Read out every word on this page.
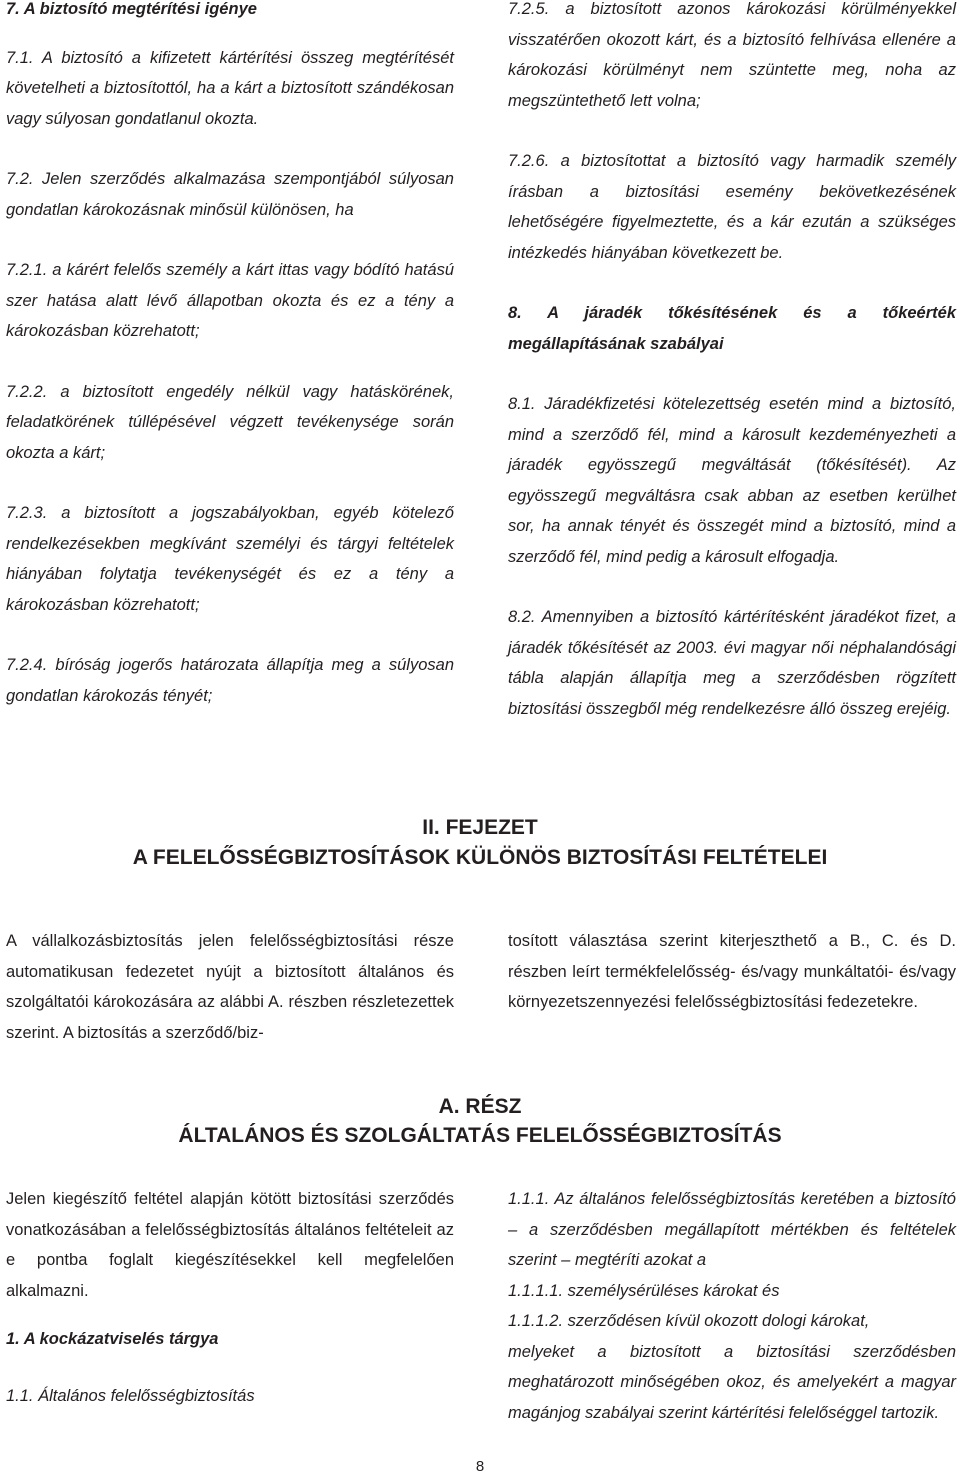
7. A biztosító megtérítési igénye

7.1. A biztosító a kifizetett kártérítési összeg megtérítését követelheti a biztosítottól, ha a kárt a biztosított szándékosan vagy súlyosan gondatlanul okozta.

7.2. Jelen szerződés alkalmazása szempontjából súlyosan gondatlan károkozásnak minősül különösen, ha

7.2.1. a kárért felelős személy a kárt ittas vagy bódító hatású szer hatása alatt lévő állapotban okozta és ez a tény a károkozásban közrehatott;

7.2.2. a biztosított engedély nélkül vagy hatáskörének, feladatkörének túllépésével végzett tevékenysége során okozta a kárt;

7.2.3. a biztosított a jogszabályokban, egyéb kötelező rendelkezésekben megkívánt személyi és tárgyi feltételek hiányában folytatja tevékenységét és ez a tény a károkozásban közrehatott;

7.2.4. bíróság jogerős határozata állapítja meg a súlyosan gondatlan károkozás tényét;

7.2.5. a biztosított azonos károkozási körülményekkel visszatérően okozott kárt, és a biztosító felhívása ellenére a károkozási körülményt nem szüntette meg, noha az megszüntethető lett volna;

7.2.6. a biztosítottat a biztosító vagy harmadik személy írásban a biztosítási esemény bekövetkezésének lehetőségére figyelmeztette, és a kár ezután a szükséges intézkedés hiányában következett be.

8. A járadék tőkésítésének és a tőkeérték megállapításának szabályai

8.1. Járadékfizetési kötelezettség esetén mind a biztosító, mind a szerződő fél, mind a károsult kezdeményezheti a járadék egyösszegű megváltását (tőkésítését). Az egyösszegű megváltásra csak abban az esetben kerülhet sor, ha annak tényét és összegét mind a biztosító, mind a szerződő fél, mind pedig a károsult elfogadja.

8.2. Amennyiben a biztosító kártérítésként járadékot fizet, a járadék tőkésítését az 2003. évi magyar női néphalandósági tábla alapján állapítja meg a szerződésben rögzített biztosítási összegből még rendelkezésre álló összeg erejéig.

II. FEJEZET
A FELELŐSSÉGBIZTOSÍTÁSOK KÜLÖNÖS BIZTOSÍTÁSI FELTÉTELEI

A vállalkozásbiztosítás jelen felelősségbiztosítási része automatikusan fedezetet nyújt a biztosított általános és szolgáltatói károkozására az alábbi A. részben részletezettek szerint. A biztosítás a szerződő/biz-

tosított választása szerint kiterjeszthető a B., C. és D. részben leírt termékfelelősség- és/vagy munkáltatói- és/vagy környezetszennyezési felelősségbiztosítási fedezetekre.

A. RÉSZ
ÁLTALÁNOS ÉS SZOLGÁLTATÁS FELELŐSSÉGBIZTOSÍTÁS

Jelen kiegészítő feltétel alapján kötött biztosítási szerződés vonatkozásában a felelősségbiztosítás általános feltételeit az e pontba foglalt kiegészítésekkel kell megfelelően alkalmazni.

1. A kockázatviselés tárgya

1.1. Általános felelősségbiztosítás

1.1.1. Az általános felelősségbiztosítás keretében a biztosító – a szerződésben megállapított mértékben és feltételek szerint – megtéríti azokat a

1.1.1.1. személysérüléses károkat és

1.1.1.2. szerződésen kívül okozott dologi károkat,

melyeket a biztosított a biztosítási szerződésben meghatározott minőségében okoz, és amelyekért a magyar magánjog szabályai szerint kártérítési felelőséggel tartozik.

8
